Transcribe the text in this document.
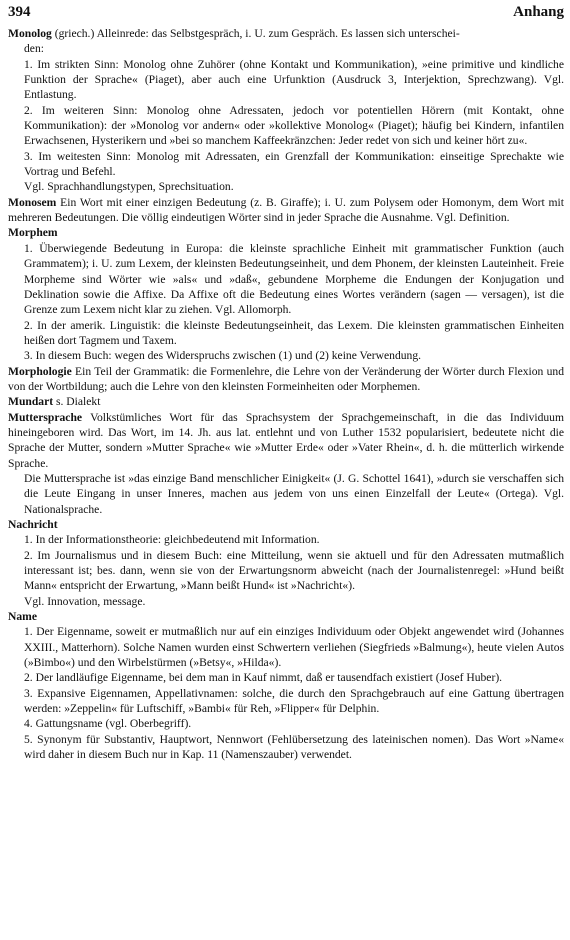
394	Anhang

Monolog (griech.) Alleinrede: das Selbstgespräch, i. U. zum Gespräch. Es lassen sich unterschei-

den:

1. Im strikten Sinn: Monolog ohne Zuhörer (ohne Kontakt und Kommunikation), »eine primitive und kindliche Funktion der Sprache« (Piaget), aber auch eine Urfunktion (Ausdruck 3, Interjektion, Sprechzwang). Vgl. Entlastung.

2. Im weiteren Sinn: Monolog ohne Adressaten, jedoch vor potentiellen Hörern (mit Kontakt, ohne Kommunikation): der »Monolog vor andern« oder »kollektive Monolog« (Piaget); häufig bei Kindern, infantilen Erwachsenen, Hysterikern und »bei so manchem Kaffeekränzchen: Jeder redet von sich und keiner hört zu«.

3. Im weitesten Sinn: Monolog mit Adressaten, ein Grenzfall der Kommunikation: einseitige Sprechakte wie Vortrag und Befehl.

Vgl. Sprachhandlungstypen, Sprechsituation.

Monosem Ein Wort mit einer einzigen Bedeutung (z. B. Giraffe); i. U. zum Polysem oder Homonym, dem Wort mit mehreren Bedeutungen. Die völlig eindeutigen Wörter sind in jeder Sprache die Ausnahme. Vgl. Definition.

Morphem

1. Überwiegende Bedeutung in Europa: die kleinste sprachliche Einheit mit grammatischer Funktion (auch Grammatem); i. U. zum Lexem, der kleinsten Bedeutungseinheit, und dem Phonem, der kleinsten Lauteinheit. Freie Morpheme sind Wörter wie »als« und »daß«, gebundene Morpheme die Endungen der Konjugation und Deklination sowie die Affixe. Da Affixe oft die Bedeutung eines Wortes verändern (sagen — versagen), ist die Grenze zum Lexem nicht klar zu ziehen. Vgl. Allomorph.

2. In der amerik. Linguistik: die kleinste Bedeutungseinheit, das Lexem. Die kleinsten grammatischen Einheiten heißen dort Tagmem und Taxem.

3. In diesem Buch: wegen des Widerspruchs zwischen (1) und (2) keine Verwendung.

Morphologie Ein Teil der Grammatik: die Formenlehre, die Lehre von der Veränderung der Wörter durch Flexion und von der Wortbildung; auch die Lehre von den kleinsten Formeinheiten oder Morphemen.

Mundart s. Dialekt

Muttersprache Volkstümliches Wort für das Sprachsystem der Sprachgemeinschaft, in die das Individuum hineingeboren wird. Das Wort, im 14. Jh. aus lat. entlehnt und von Luther 1532 popularisiert, bedeutete nicht die Sprache der Mutter, sondern »Mutter Sprache« wie »Mutter Erde« oder »Vater Rhein«, d. h. die mütterlich wirkende Sprache.

Die Muttersprache ist »das einzige Band menschlicher Einigkeit« (J. G. Schottel 1641), »durch sie verschaffen sich die Leute Eingang in unser Inneres, machen aus jedem von uns einen Einzelfall der Leute« (Ortega). Vgl. Nationalsprache.

Nachricht

1. In der Informationstheorie: gleichbedeutend mit Information.

2. Im Journalismus und in diesem Buch: eine Mitteilung, wenn sie aktuell und für den Adressaten mutmaßlich interessant ist; bes. dann, wenn sie von der Erwartungsnorm abweicht (nach der Journalistenregel: »Hund beißt Mann« entspricht der Erwartung, »Mann beißt Hund« ist »Nachricht«).

Vgl. Innovation, message.

Name

1. Der Eigenname, soweit er mutmaßlich nur auf ein einziges Individuum oder Objekt angewendet wird (Johannes XXIII., Matterhorn). Solche Namen wurden einst Schwertern verliehen (Siegfrieds »Balmung«), heute vielen Autos (»Bimbo«) und den Wirbelstürmen (»Betsy«, »Hilda«).

2. Der landläufige Eigenname, bei dem man in Kauf nimmt, daß er tausendfach existiert (Josef Huber).

3. Expansive Eigennamen, Appellativnamen: solche, die durch den Sprachgebrauch auf eine Gattung übertragen werden: »Zeppelin« für Luftschiff, »Bambi« für Reh, »Flipper« für Delphin.

4. Gattungsname (vgl. Oberbegriff).

5. Synonym für Substantiv, Hauptwort, Nennwort (Fehlübersetzung des lateinischen nomen). Das Wort »Name« wird daher in diesem Buch nur in Kap. 11 (Namenszauber) verwendet.
